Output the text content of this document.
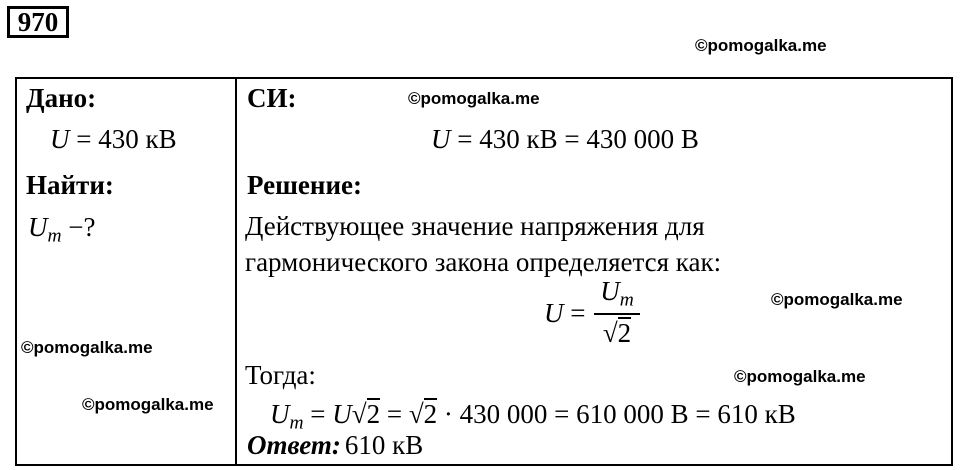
970
©pomogalka.me
©pomogalka.me
©pomogalka.me
©pomogalka.me
©pomogalka.me
©pomogalka.me
Дано:
U = 430 кВ
Найти:
$U_m$ −?
СИ:
U = 430 кВ = 430 000 В
Решение:
Действующее значение напряжения для
гармонического закона определяется как:
U =
$\frac{U_m}{√2}$
Тогда:
$U_m = U√2 = √2 \cdot 430$ 000 = 610 000 В = 610 кВ
Ответ: 610 кВ
